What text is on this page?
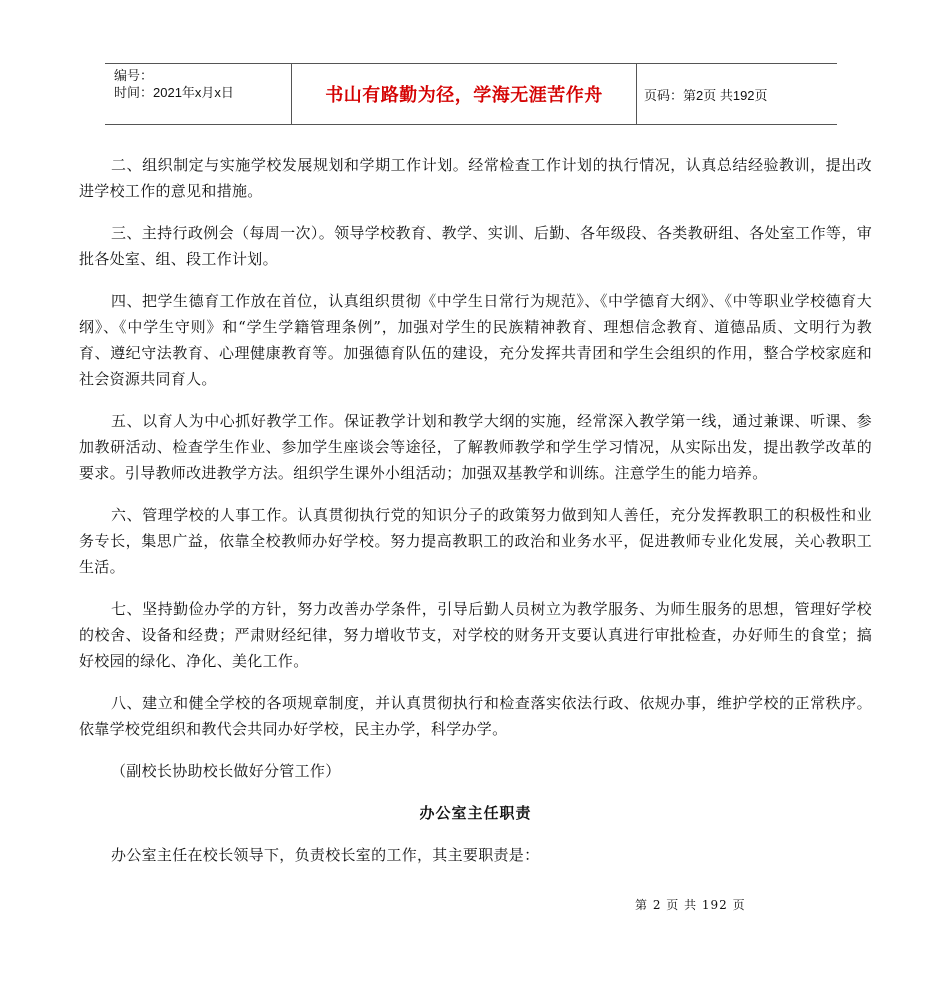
编号：
时间：2021年x月x日	书山有路勤为径，学海无涯苦作舟	页码：第2页 共192页

二、组织制定与实施学校发展规划和学期工作计划。经常检查工作计划的执行情况，认真总结经验教训，提出改进学校工作的意见和措施。

三、主持行政例会（每周一次）。领导学校教育、教学、实训、后勤、各年级段、各类教研组、各处室工作等，审批各处室、组、段工作计划。

四、把学生德育工作放在首位，认真组织贯彻《中学生日常行为规范》、《中学德育大纲》、《中等职业学校德育大纲》、《中学生守则》和“学生学籍管理条例”，加强对学生的民族精神教育、理想信念教育、道德品质、文明行为教育、遵纪守法教育、心理健康教育等。加强德育队伍的建设，充分发挥共青团和学生会组织的作用，整合学校家庭和社会资源共同育人。

五、以育人为中心抓好教学工作。保证教学计划和教学大纲的实施，经常深入教学第一线，通过兼课、听课、参加教研活动、检查学生作业、参加学生座谈会等途径，了解教师教学和学生学习情况，从实际出发，提出教学改革的要求。引导教师改进教学方法。组织学生课外小组活动；加强双基教学和训练。注意学生的能力培养。

六、管理学校的人事工作。认真贯彻执行党的知识分子的政策努力做到知人善任，充分发挥教职工的积极性和业务专长，集思广益，依靠全校教师办好学校。努力提高教职工的政治和业务水平，促进教师专业化发展，关心教职工生活。

七、坚持勤俭办学的方针，努力改善办学条件，引导后勤人员树立为教学服务、为师生服务的思想，管理好学校的校舍、设备和经费；严肃财经纪律，努力增收节支，对学校的财务开支要认真进行审批检查，办好师生的食堂；搞好校园的绿化、净化、美化工作。

八、建立和健全学校的各项规章制度，并认真贯彻执行和检查落实依法行政、依规办事，维护学校的正常秩序。依靠学校党组织和教代会共同办好学校，民主办学，科学办学。

（副校长协助校长做好分管工作）

办公室主任职责

办公室主任在校长领导下，负责校长室的工作，其主要职责是：

第 2 页 共 192 页
